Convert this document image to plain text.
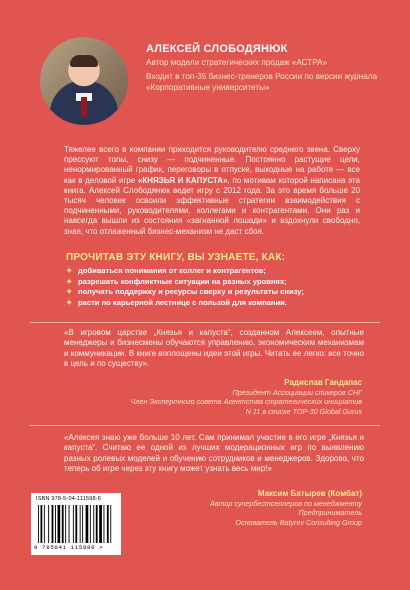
АЛЕКСЕЙ СЛОБОДЯНЮК
Автор модели стратегических продаж «АСТРА»
Входит в топ-35 бизнес-тренеров России по версии журнала «Корпоративные университеты»
Тяжелее всего в компании приходится руководителю среднего звена. Сверху прессуют топы, снизу — подчиненные. Постоянно растущие цели, ненормированный график, переговоры в отпуске, выходные на работе — все как в деловой игре «КНЯЗЬЯ И КАПУСТА», по мотивам которой написана эта книга. Алексей Слободянюк ведет игру с 2012 года. За это время больше 20 тысяч человек освоили эффективные стратегии взаимодействия с подчиненными, руководителями, коллегами и контрагентами. Они раз и навсегда вышли из состояния «загнанной лошади» и вздохнули свободно, зная, что отлаженный бизнес-механизм не даст сбоя.
ПРОЧИТАВ ЭТУ КНИГУ, ВЫ УЗНАЕТЕ, КАК:
✦ добиваться понимания от коллег и контрагентов;
✦ разрешать конфликтные ситуации на разных уровнях;
✦ получать поддержку и ресурсы сверху и результаты снизу;
✦ расти по карьерной лестнице с пользой для компании.
«В игровом царстве „Князья и капуста“, созданном Алексеем, опытные менеджеры и бизнесмены обучаются управлению, экономическим механизмам и коммуникации. В книге воплощены идеи этой игры. Читать ее легко: все точно в цель и по существу».
Радислав Гандапас
Президент Ассоциации спикеров СНГ
Член Экспертного совета Агентства стратегических инициатив
N 11 в списке TOP-30 Global Gurus
«Алексея знаю уже больше 10 лет. Сам принимал участие в его игре „Князья и капуста“. Считаю ее одной из лучших модерационных игр по выявлению разных ролевых моделей и обучению сотрудников и менеджеров. Здорово, что теперь об игре через эту книгу может узнать весь мир!»
Максим Батырев (Комбат)
Автор супербестселлеров по менеджменту
Предприниматель
Основатель Batyrev Consulting Group
ISBN 978-5-04-111598-6
9 785041 115986 >
